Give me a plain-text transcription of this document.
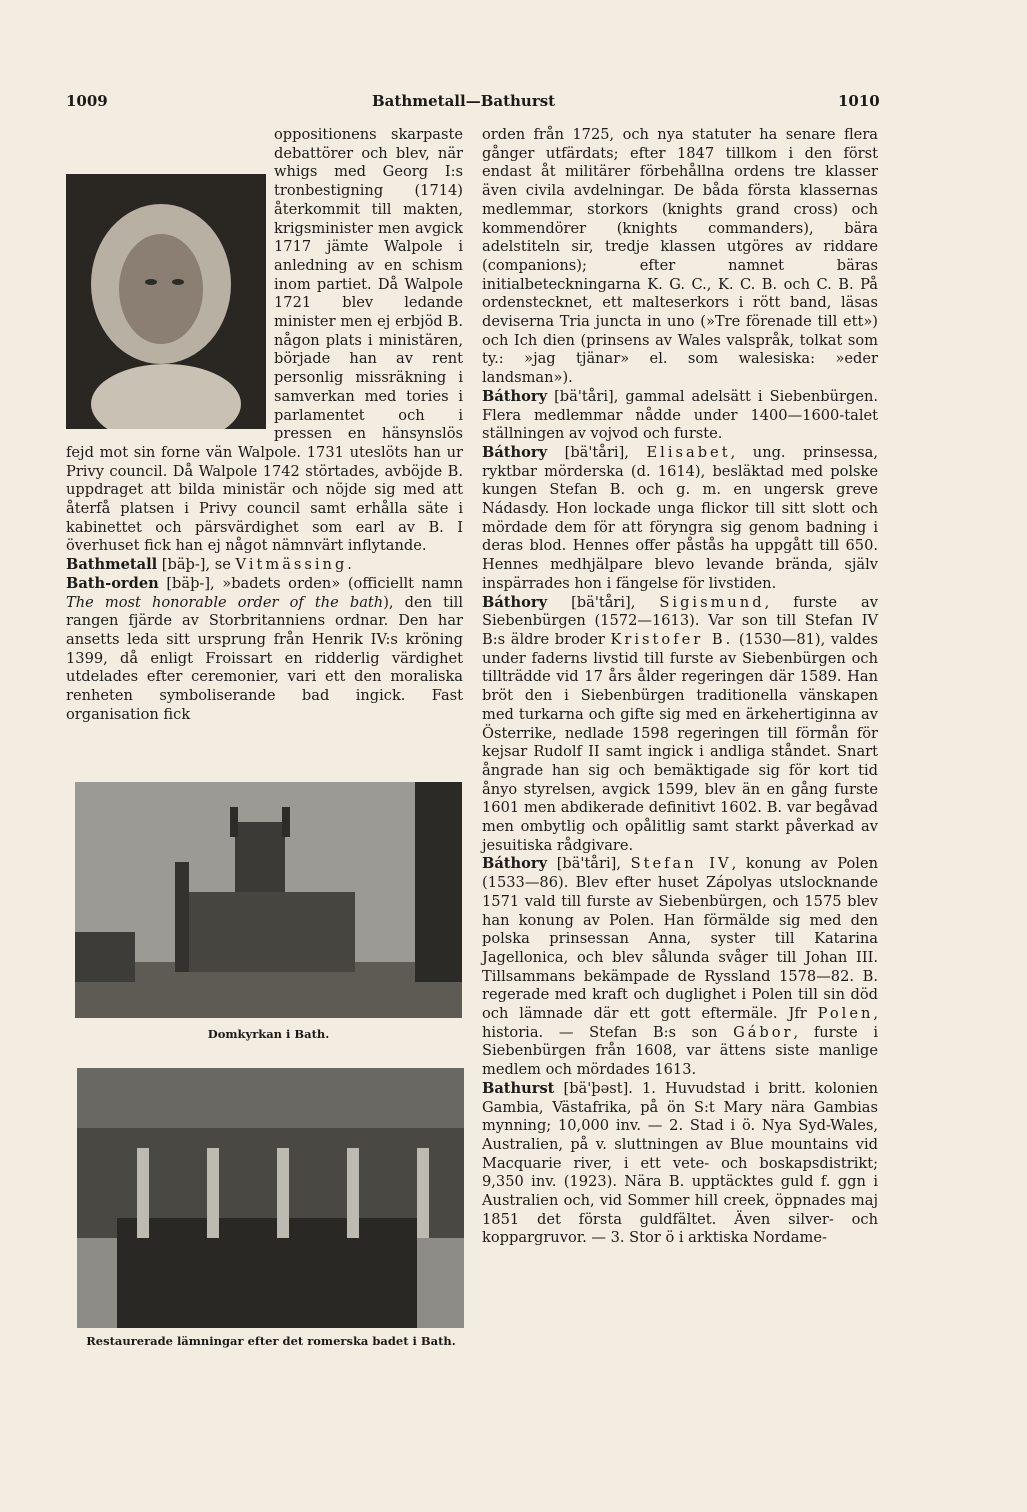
1009	Bathmetall—Bathurst	1010

oppositionens skarpaste debattörer och blev, när whigs med Georg I:s tronbestigning (1714) återkommit till makten, krigsminister men avgick 1717 jämte Walpole i anledning av en schism inom partiet. Då Walpole 1721 blev ledande minister men ej erbjöd B. någon plats i ministären, började han av rent personlig missräkning i samverkan med tories i parlamentet och i pressen en hänsynslös fejd mot sin forne vän Walpole. 1731 uteslöts han ur Privy council. Då Walpole 1742 störtades, avböjde B. uppdraget att bilda ministär och nöjde sig med att återfå platsen i Privy council samt erhålla säte i kabinettet och pärsvärdighet som earl av B. I överhuset fick han ej något nämnvärt inflytande.

Bathmetall [bäþ-], se Vitmässing.

Bath-orden [bäþ-], »badets orden» (officiellt namn The most honorable order of the bath), den till rangen fjärde av Storbritanniens ordnar. Den har ansetts leda sitt ursprung från Henrik IV:s kröning 1399, då enligt Froissart en ridderlig värdighet utdelades efter ceremonier, vari ett den moraliska renheten symboliserande bad ingick. Fast organisation fick

Domkyrkan i Bath.
Restaurerade lämningar efter det romerska badet i Bath.

orden från 1725, och nya statuter ha senare flera gånger utfärdats; efter 1847 tillkom i den först endast åt militärer förbehållna ordens tre klasser även civila avdelningar. De båda första klassernas medlemmar, storkors (knights grand cross) och kommendörer (knights commanders), bära adelstiteln sir, tredje klassen utgöres av riddare (companions); efter namnet bäras initialbeteckningarna K. G. C., K. C. B. och C. B. På ordenstecknet, ett malteserkors i rött band, läsas deviserna Tria juncta in uno (»Tre förenade till ett») och Ich dien (prinsens av Wales valspråk, tolkat som ty.: »jag tjänar» el. som walesiska: »eder landsman»).

Báthory [bä'tåri], gammal adelsätt i Siebenbürgen. Flera medlemmar nådde under 1400—1600-talet ställningen av vojvod och furste.

Báthory [bä'tåri], Elisabet, ung. prinsessa, ryktbar mörderska (d. 1614), besläktad med polske kungen Stefan B. och g. m. en ungersk greve Nádasdy. Hon lockade unga flickor till sitt slott och mördade dem för att föryngra sig genom badning i deras blod. Hennes offer påstås ha uppgått till 650. Hennes medhjälpare blevo levande brända, själv inspärrades hon i fängelse för livstiden.

Báthory [bä'tåri], Sigismund, furste av Siebenbürgen (1572—1613). Var son till Stefan IV B:s äldre broder Kristofer B. (1530—81), valdes under faderns livstid till furste av Siebenbürgen och tillträdde vid 17 års ålder regeringen där 1589. Han bröt den i Siebenbürgen traditionella vänskapen med turkarna och gifte sig med en ärkehertiginna av Österrike, nedlade 1598 regeringen till förmån för kejsar Rudolf II samt ingick i andliga ståndet. Snart ångrade han sig och bemäktigade sig för kort tid ånyo styrelsen, avgick 1599, blev än en gång furste 1601 men abdikerade definitivt 1602. B. var begåvad men ombytlig och opålitlig samt starkt påverkad av jesuitiska rådgivare.

Báthory [bä'tåri], Stefan IV, konung av Polen (1533—86). Blev efter huset Zápolyas utslocknande 1571 vald till furste av Siebenbürgen, och 1575 blev han konung av Polen. Han förmälde sig med den polska prinsessan Anna, syster till Katarina Jagellonica, och blev sålunda svåger till Johan III. Tillsammans bekämpade de Ryssland 1578—82. B. regerade med kraft och duglighet i Polen till sin död och lämnade där ett gott eftermäle. Jfr Polen, historia. — Stefan B:s son Gábor, furste i Siebenbürgen från 1608, var ättens siste manlige medlem och mördades 1613.

Bathurst [bä'þəst]. 1. Huvudstad i britt. kolonien Gambia, Västafrika, på ön S:t Mary nära Gambias mynning; 10,000 inv. — 2. Stad i ö. Nya Syd-Wales, Australien, på v. sluttningen av Blue mountains vid Macquarie river, i ett vete- och boskapsdistrikt; 9,350 inv. (1923). Nära B. upptäcktes guld f. ggn i Australien och, vid Sommer hill creek, öppnades maj 1851 det första guldfältet. Även silver- och koppargruvor. — 3. Stor ö i arktiska Nordame-
